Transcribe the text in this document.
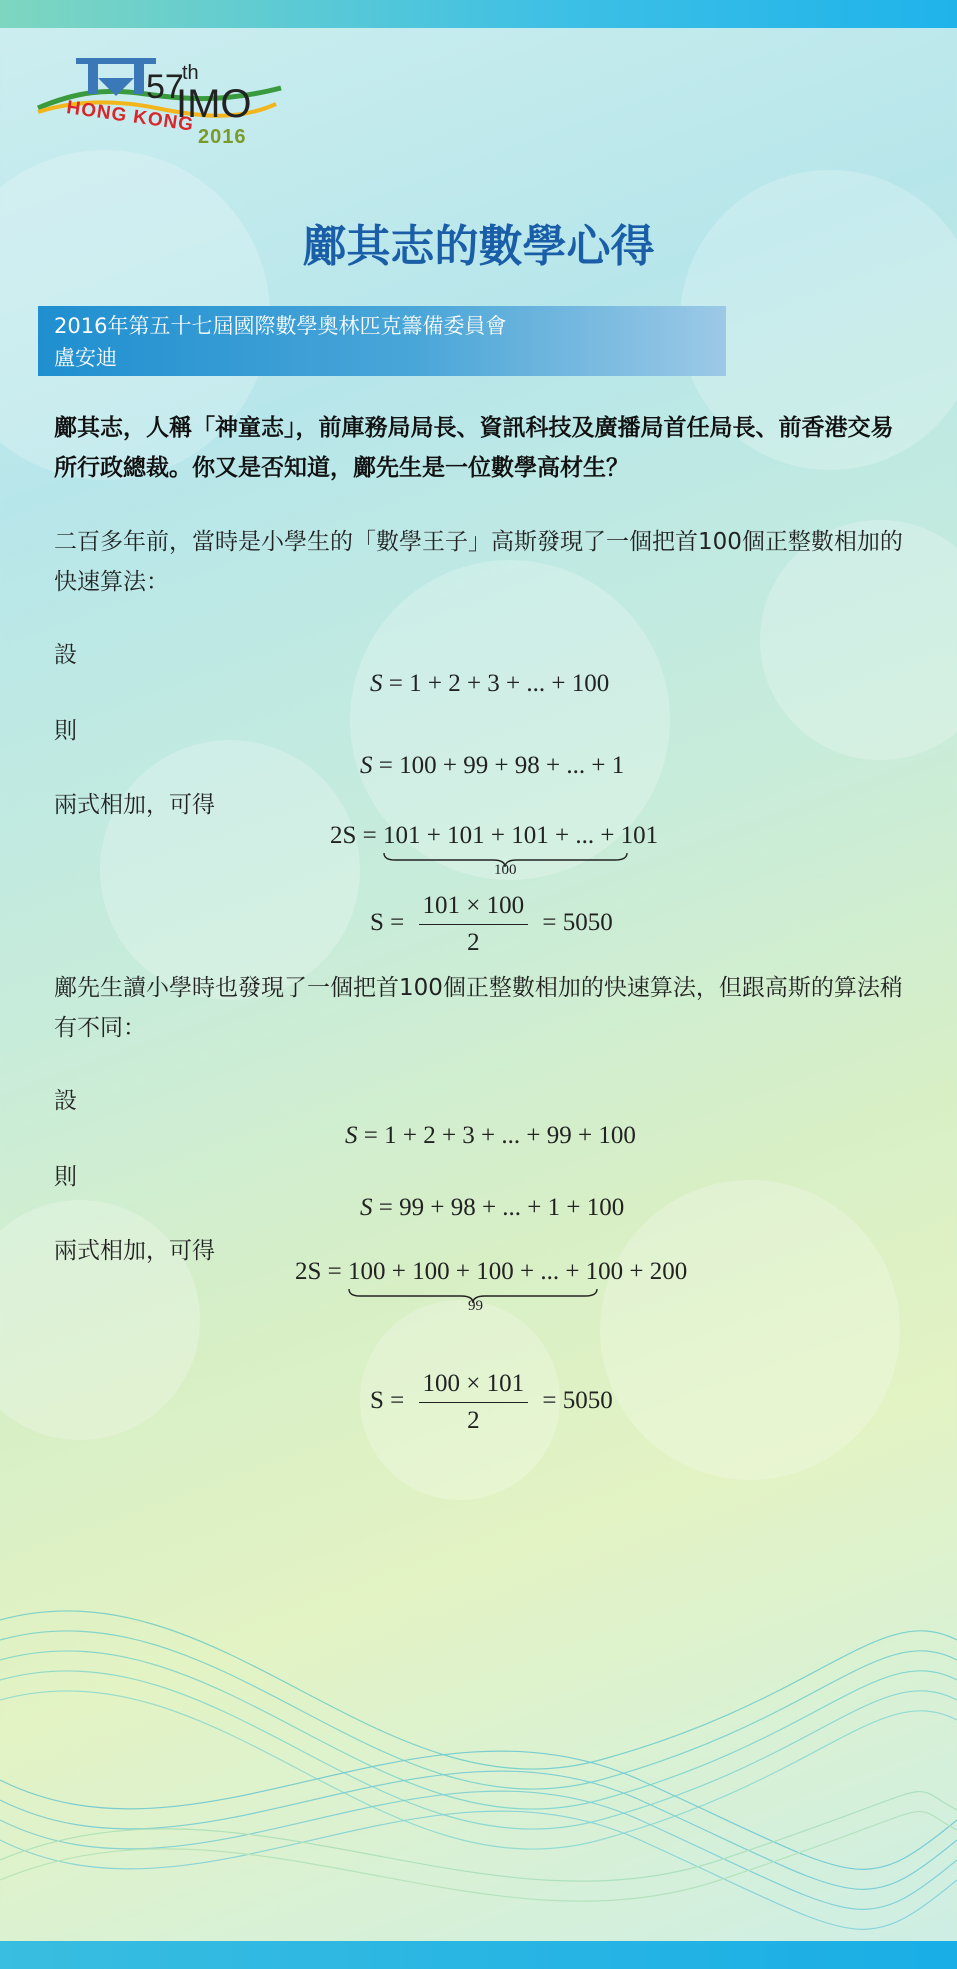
57
th
IMO
HONG KONG
2016
鄺其志的數學心得
2016年第五十七屆國際數學奧林匹克籌備委員會
盧安迪
鄺其志，人稱「神童志」，前庫務局局長、資訊科技及廣播局首任局長、前香港交易所行政總裁。你又是否知道，鄺先生是一位數學高材生？
二百多年前，當時是小學生的「數學王子」高斯發現了一個把首100個正整數相加的快速算法：
設
S = 1 + 2 + 3 + ... + 100
則
S = 100 + 99 + 98 + ... + 1
兩式相加，可得
2S = 101 + 101 + 101 + ... + 101
100
$S = \frac{101 \times 100}{2} = 5050$
鄺先生讀小學時也發現了一個把首100個正整數相加的快速算法，但跟高斯的算法稍有不同：
設
S = 1 + 2 + 3 + ... + 99 + 100
則
S = 99 + 98 + ... + 1 + 100
兩式相加，可得
2S = 100 + 100 + 100 + ... + 100 + 200
99
$S = \frac{100 \times 101}{2} = 5050$
